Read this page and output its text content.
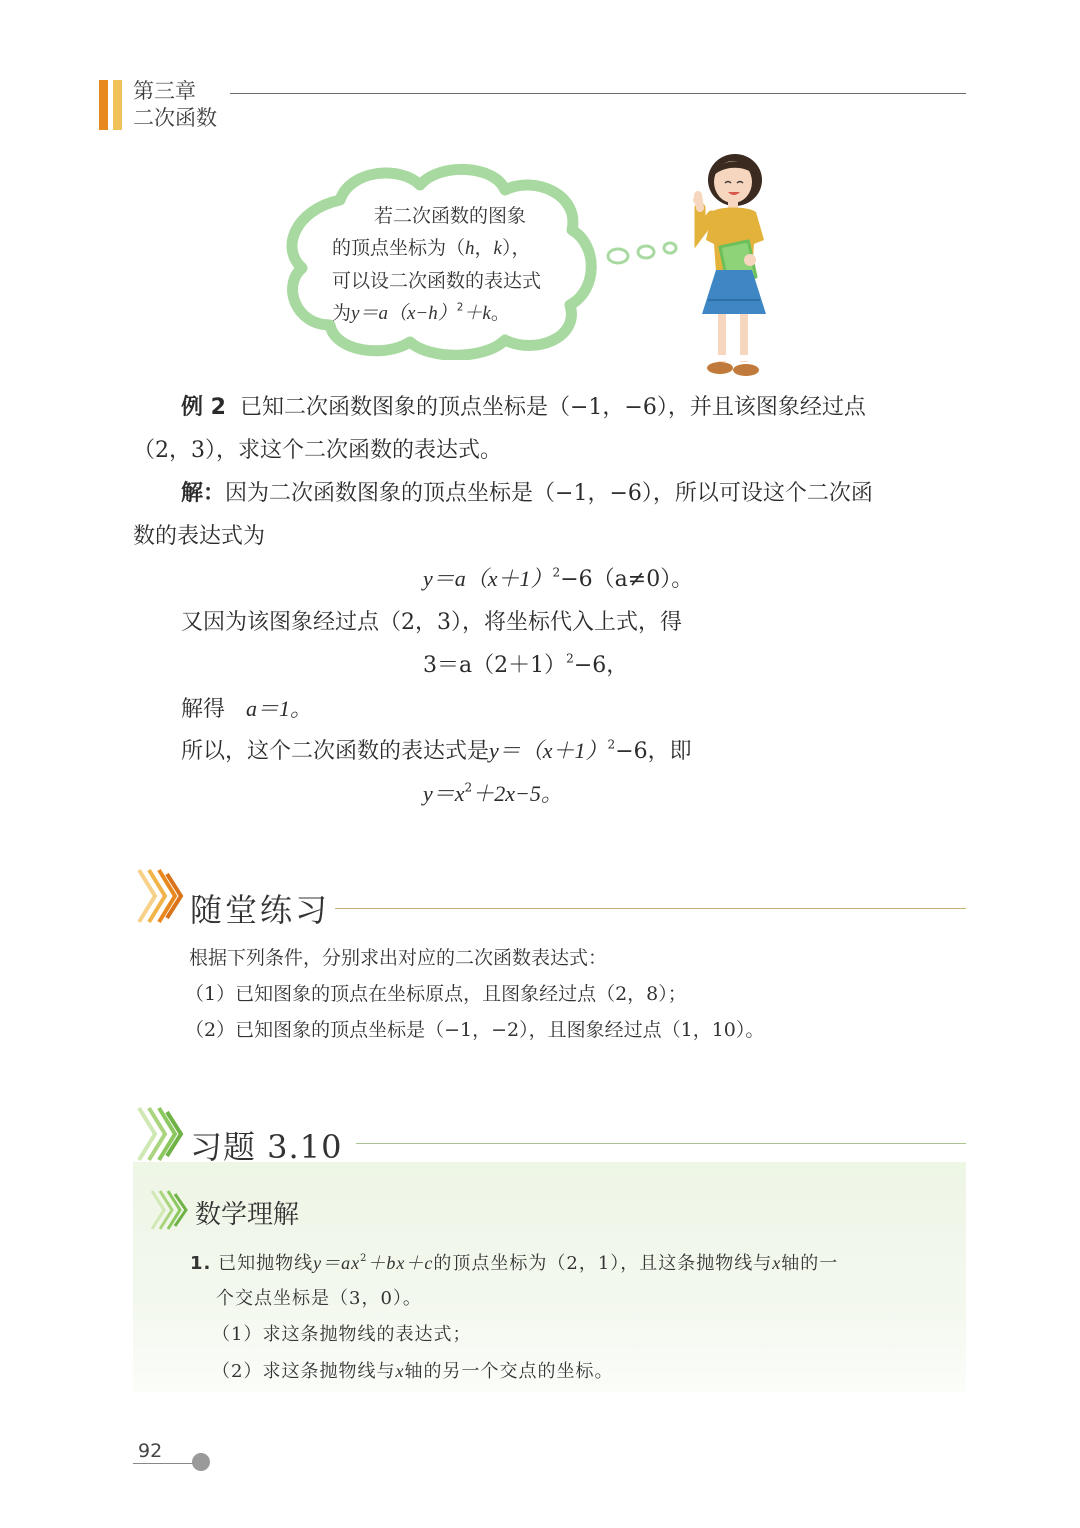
第三章
二次函数
若二次函数的图象
的顶点坐标为（h，k），
可以设二次函数的表达式
为$y=a(x-h)^2+k$。
例 2 已知二次函数图象的顶点坐标是（−1，−6），并且该图象经过点
（2，3），求这个二次函数的表达式。
解：因为二次函数图象的顶点坐标是（−1，−6），所以可设这个二次函
数的表达式为
$y=a(x+1)^2-6(a\ne 0)$。
又因为该图象经过点（2，3），将坐标代入上式，得
$3=a(2+1)^2-6$，
解得 a＝1。
所以，这个二次函数的表达式是$y=(x+1)^2-6$，即
$y=x^2+2x-5$。
随堂练习
根据下列条件，分别求出对应的二次函数表达式：
（1）已知图象的顶点在坐标原点，且图象经过点（2，8）；
（2）已知图象的顶点坐标是（−1，−2），且图象经过点（1，10）。
习题 3.10
数学理解
1. 已知抛物线$y=ax^2+bx+c$的顶点坐标为（2，1），且这条抛物线与x轴的一
个交点坐标是（3，0）。
（1）求这条抛物线的表达式；
（2）求这条抛物线与x轴的另一个交点的坐标。
92
